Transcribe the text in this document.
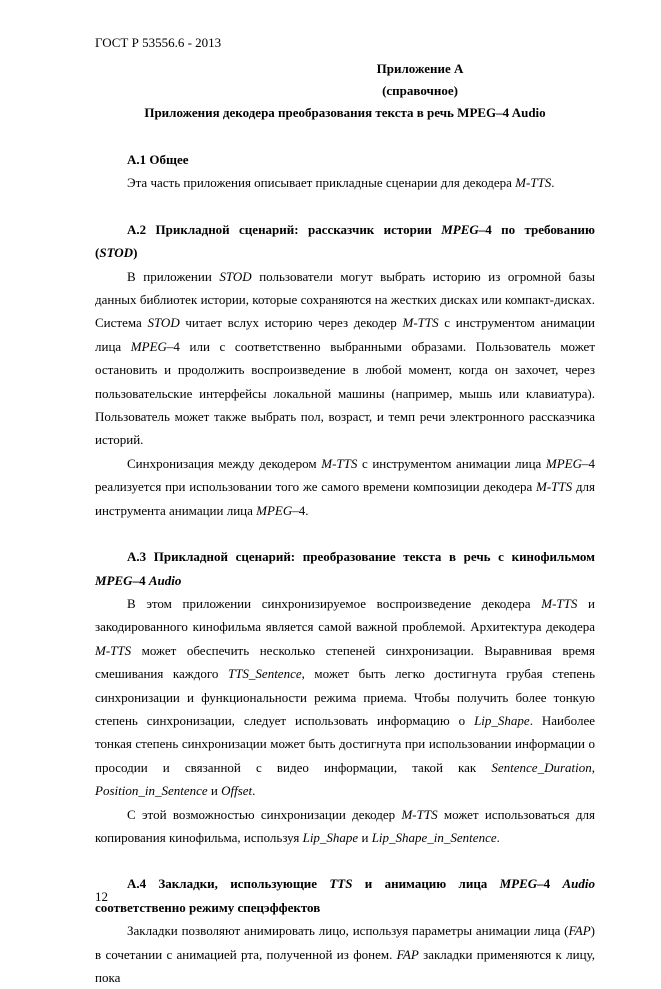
ГОСТ Р 53556.6 - 2013
Приложение А
(справочное)
Приложения декодера преобразования текста в речь MPEG–4 Audio
А.1 Общее

Эта часть приложения описывает прикладные сценарии для декодера M-TTS.

А.2 Прикладной сценарий: рассказчик истории MPEG–4 по требованию (STOD)

В приложении STOD пользователи могут выбрать историю из огромной базы данных библиотек истории, которые сохраняются на жестких дисках или компакт-дисках. Система STOD читает вслух историю через декодер M-TTS с инструментом анимации лица MPEG–4 или с соответственно выбранными образами. Пользователь может остановить и продолжить воспроизведение в любой момент, когда он захочет, через пользовательские интерфейсы локальной машины (например, мышь или клавиатура). Пользователь может также выбрать пол, возраст, и темп речи электронного рассказчика историй.

Синхронизация между декодером M-TTS с инструментом анимации лица MPEG–4 реализуется при использовании того же самого времени композиции декодера M-TTS для инструмента анимации лица MPEG–4.

А.3 Прикладной сценарий: преобразование текста в речь с кинофильмом MPEG–4 Audio

В этом приложении синхронизируемое воспроизведение декодера M-TTS и закодированного кинофильма является самой важной проблемой. Архитектура декодера M-TTS может обеспечить несколько степеней синхронизации. Выравнивая время смешивания каждого TTS_Sentence, может быть легко достигнута грубая степень синхронизации и функциональности режима приема. Чтобы получить более тонкую степень синхронизации, следует использовать информацию о Lip_Shape. Наиболее тонкая степень синхронизации может быть достигнута при использовании информации о просодии и связанной с видео информации, такой как Sentence_Duration, Position_in_Sentence и Offset.

С этой возможностью синхронизации декодер M-TTS может использоваться для копирования кинофильма, используя Lip_Shape и Lip_Shape_in_Sentence.

А.4 Закладки, использующие TTS и анимацию лица MPEG–4 Audio соответственно режиму спецэффектов

Закладки позволяют анимировать лицо, используя параметры анимации лица (FAP) в сочетании с анимацией рта, полученной из фонем. FAP закладки применяются к лицу, пока

12
